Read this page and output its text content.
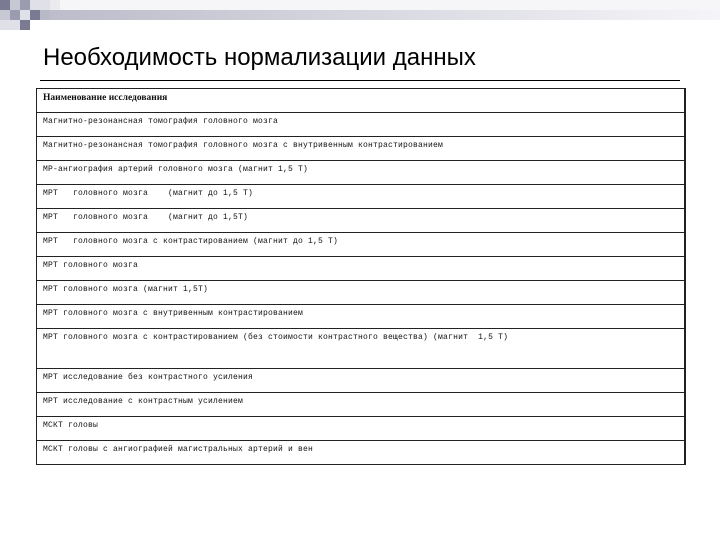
Необходимость нормализации данных
Наименование исследования
Магнитно-резонансная томография головного мозга
Магнитно-резонансная томография головного мозга с внутривенным контрастированием
МР-ангиография артерий головного мозга (магнит 1,5 Т)
МРТ   головного мозга    (магнит до 1,5 Т)
МРТ   головного мозга    (магнит до 1,5Т)
МРТ   головного мозга с контрастированием (магнит до 1,5 Т)
МРТ головного мозга
МРТ головного мозга (магнит 1,5Т)
МРТ головного мозга с внутривенным контрастированием
МРТ головного мозга с контрастированием (без стоимости контрастного вещества) (магнит  1,5 Т)
МРТ исследование без контрастного усиления
МРТ исследование с контрастным усилением
МСКТ головы
МСКТ головы с ангиографией магистральных артерий и вен
